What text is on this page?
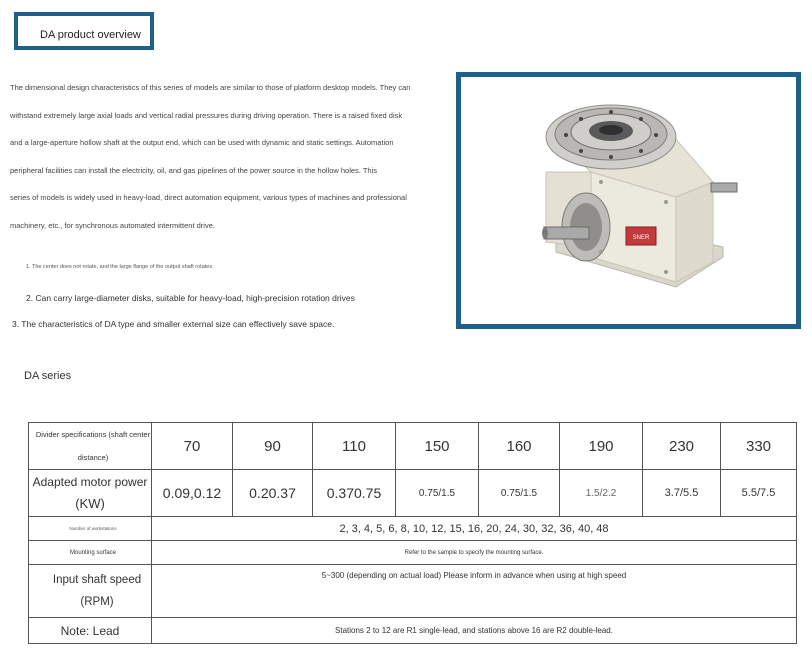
DA product overview
The dimensional design characteristics of this series of models are similar to those of platform desktop models. They can
withstand extremely large axial loads and vertical radial pressures during driving operation. There is a raised fixed disk
and a large-aperture hollow shaft at the output end, which can be used with dynamic and static settings. Automation
peripheral facilities can install the electricity, oil, and gas pipelines of the power source in the hollow holes. This
series of models is widely used in heavy-load, direct automation equipment, various types of machines and professional
machinery, etc., for synchronous automated intermittent drive.
1. The center does not rotate, and the large flange of the output shaft rotates.
2. Can carry large-diameter disks, suitable for heavy-load, high-precision rotation drives
3. The characteristics of DA type and smaller external size can effectively save space.
SNER
DA series
Divider specifications (shaft center
distance)	70	90	110	150	160	190	230	330

Adapted motor power
(KW)	0.09,0.12	0.20.37	0.370.75	0.75/1.5	0.75/1.5	1.5/2.2	3.7/5.5	5.5/7.5
Number of workstations	2, 3, 4, 5, 6, 8, 10, 12, 15, 16, 20, 24, 30, 32, 36, 40, 48							
Mounting surface	Refer to the sample to specify the mounting surface.							

Input shaft speed
(RPM)	5~300 (depending on actual load) Please inform in advance when using at high speed							
Note: Lead	Stations 2 to 12 are R1 single-lead, and stations above 16 are R2 double-lead.							
